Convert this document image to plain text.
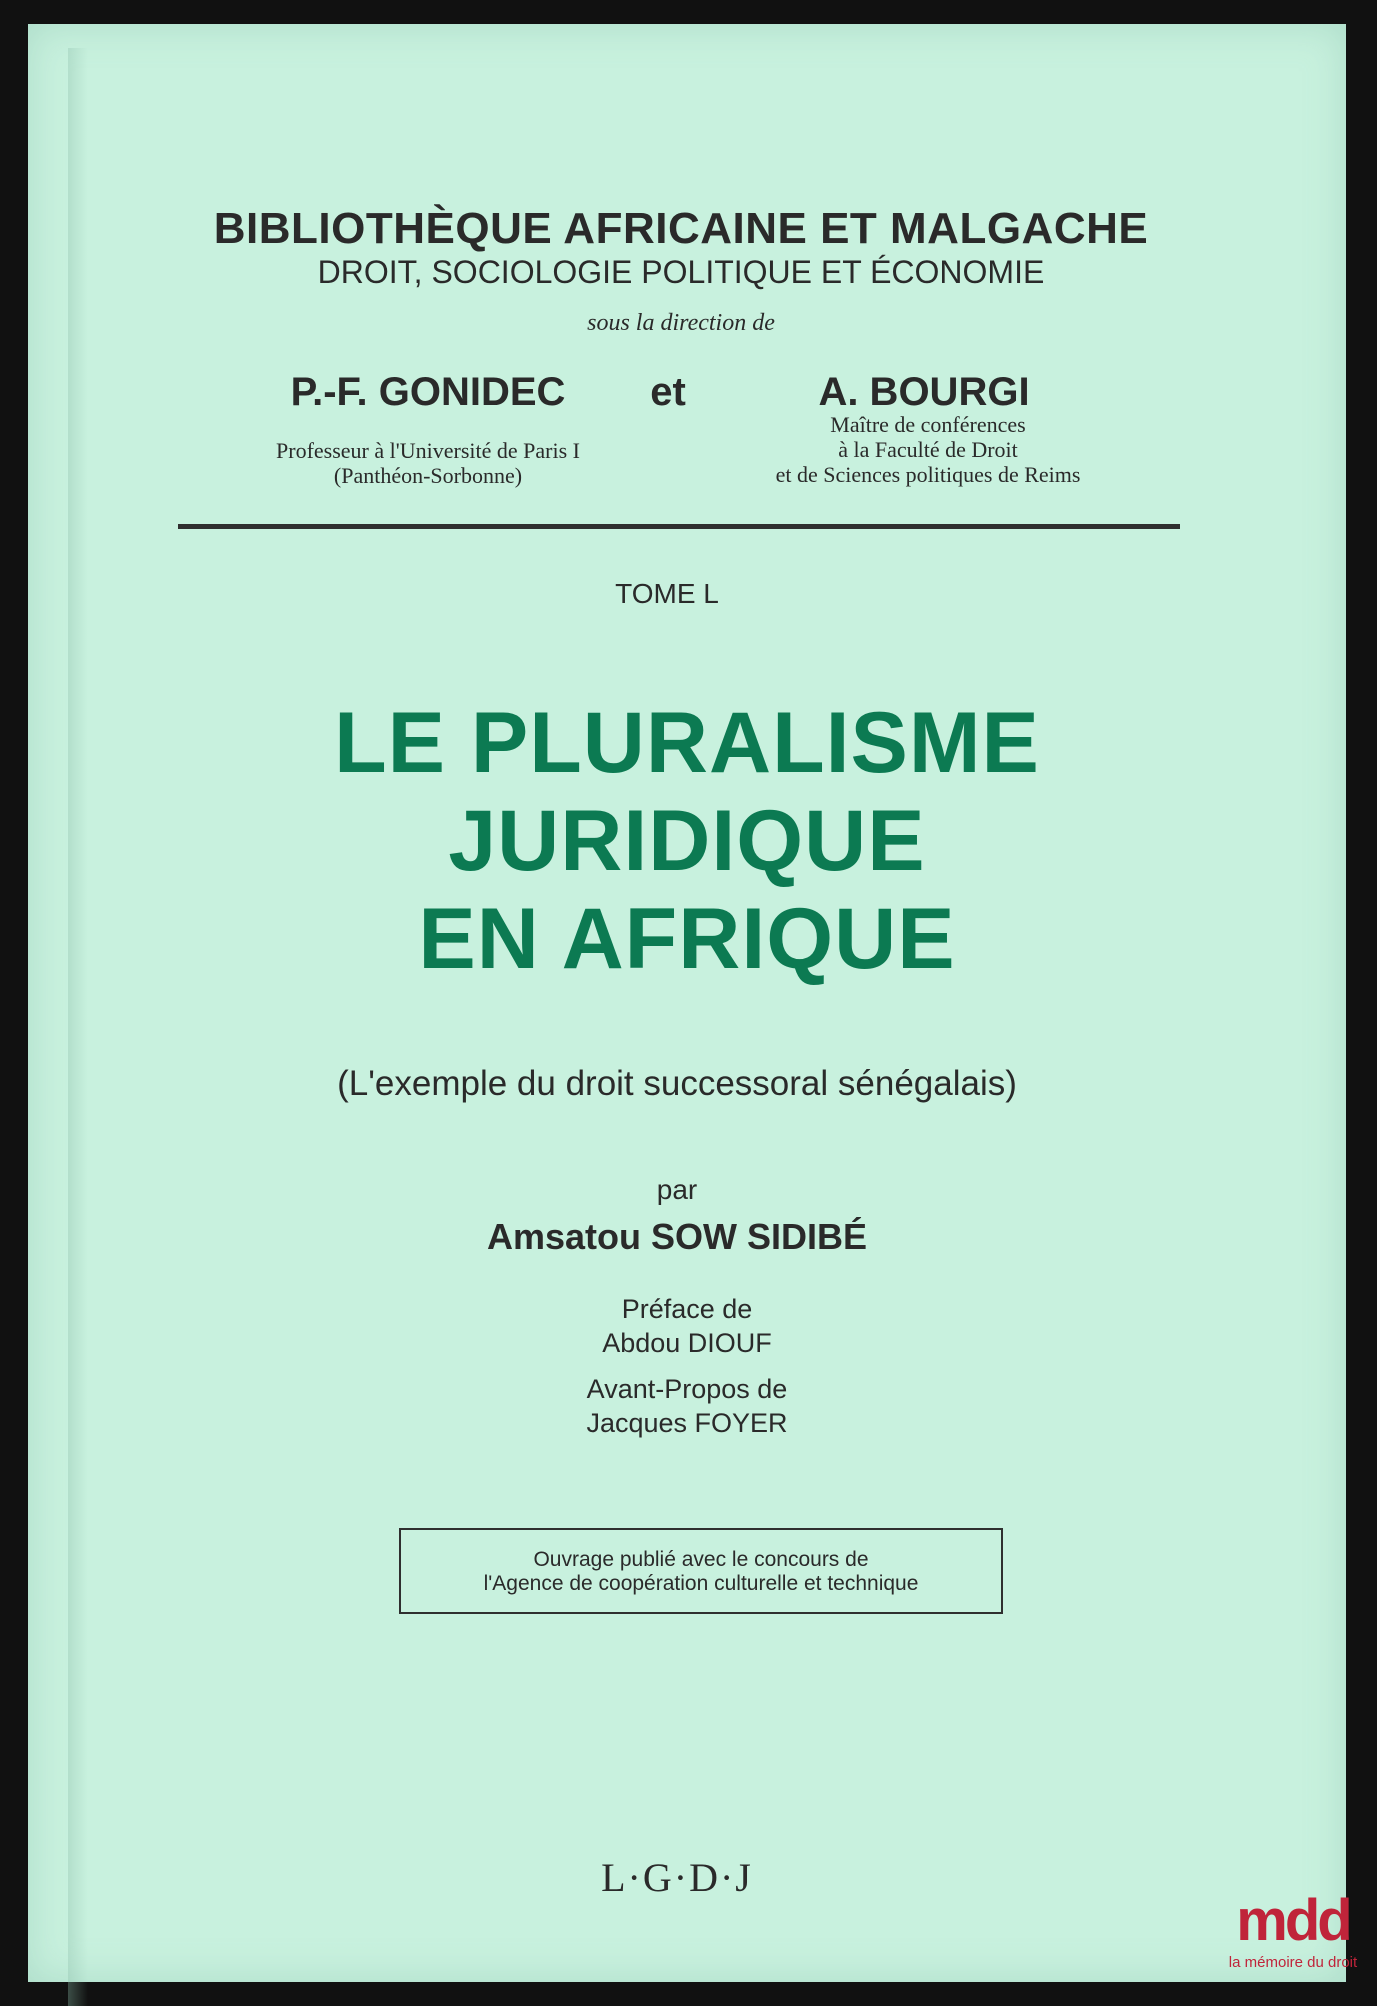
BIBLIOTHÈQUE AFRICAINE ET MALGACHE
DROIT, SOCIOLOGIE POLITIQUE ET ÉCONOMIE
sous la direction de
P.-F. GONIDEC	et	A. BOURGI
Professeur à l'Université de Paris I
(Panthéon-Sorbonne)
Maître de conférences
à la Faculté de Droit
et de Sciences politiques de Reims
TOME L
LE PLURALISME
JURIDIQUE
EN AFRIQUE
(L'exemple du droit successoral sénégalais)
par
Amsatou SOW SIDIBÉ
Préface de
Abdou DIOUF
Avant-Propos de
Jacques FOYER
Ouvrage publié avec le concours de
l'Agence de coopération culturelle et technique
L·G·D·J
mdd
la mémoire du droit
